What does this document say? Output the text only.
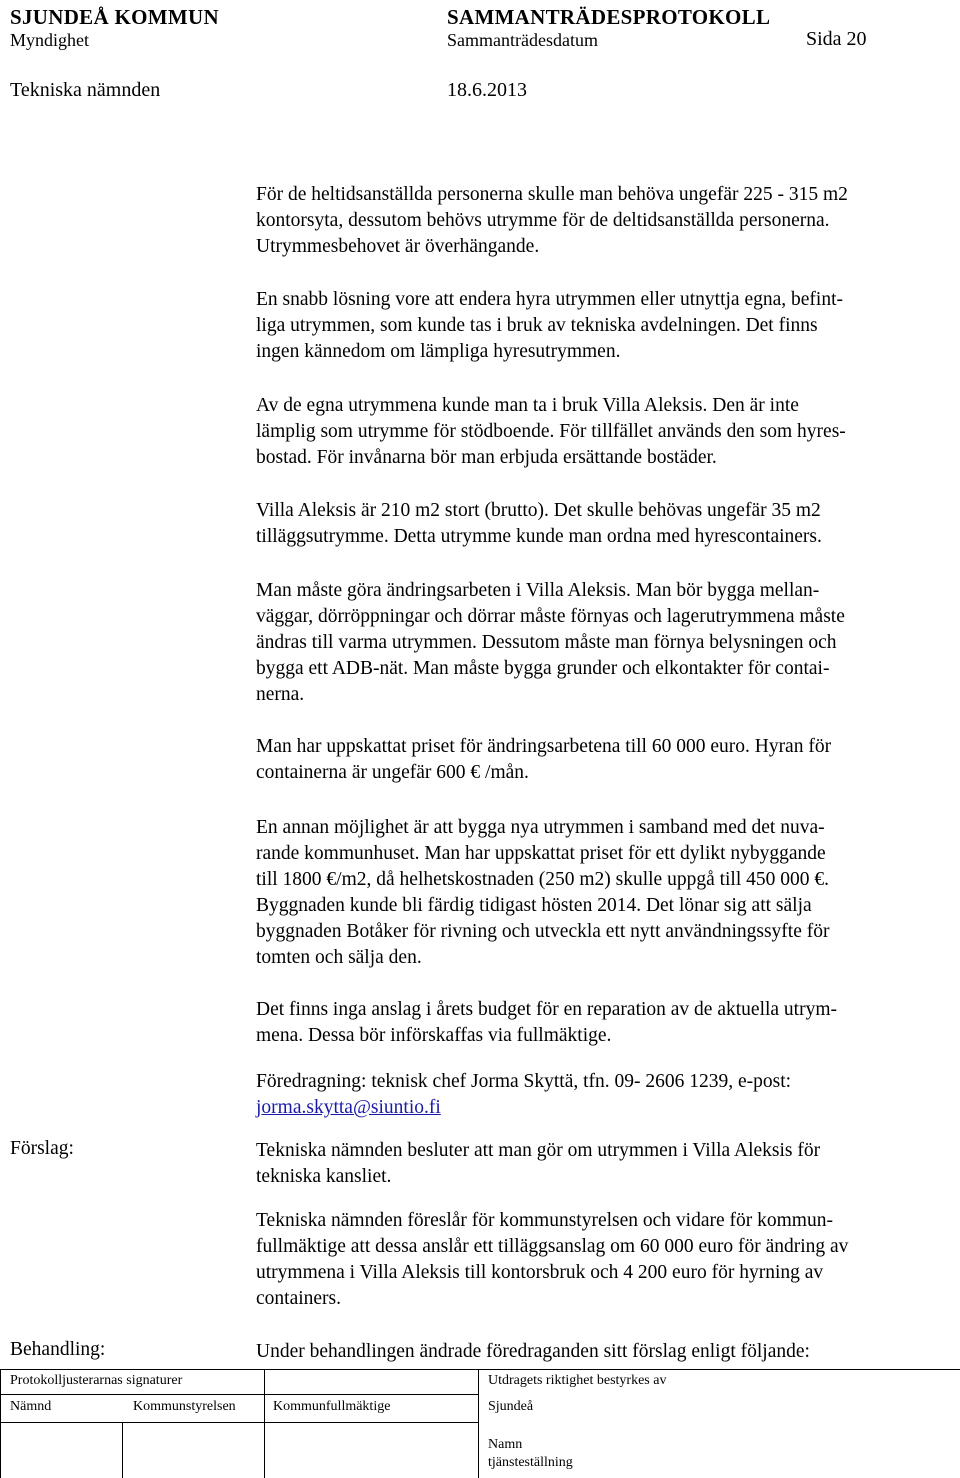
SJUNDEÅ KOMMUN	SAMMANTRÄDESPROTOKOLL
Myndighet	Sammanträdesdatum	Sida 20
Tekniska nämnden	18.6.2013
För de heltidsanställda personerna skulle man behöva ungefär 225 - 315 m2
kontorsyta, dessutom behövs utrymme för de deltidsanställda personerna.
Utrymmesbehovet är överhängande.
En snabb lösning vore att endera hyra utrymmen eller utnyttja egna, befint-
liga utrymmen, som kunde tas i bruk av tekniska avdelningen. Det finns
ingen kännedom om lämpliga hyresutrymmen.
Av de egna utrymmena kunde man ta i bruk Villa Aleksis. Den är inte
lämplig som utrymme för stödboende. För tillfället används den som hyres-
bostad. För invånarna bör man erbjuda ersättande bostäder.
Villa Aleksis är 210 m2 stort (brutto). Det skulle behövas ungefär 35 m2
tilläggsutrymme. Detta utrymme kunde man ordna med hyrescontainers.
Man måste göra ändringsarbeten i Villa Aleksis. Man bör bygga mellan-
väggar, dörröppningar och dörrar måste förnyas och lagerutrymmena måste
ändras till varma utrymmen. Dessutom måste man förnya belysningen och
bygga ett ADB-nät. Man måste bygga grunder och elkontakter för contai-
nerna.
Man har uppskattat priset för ändringsarbetena till 60 000 euro. Hyran för
containerna är ungefär 600 € /mån.
En annan möjlighet är att bygga nya utrymmen i samband med det nuva-
rande kommunhuset. Man har uppskattat priset för ett dylikt nybyggande
till 1800 €/m2, då helhetskostnaden (250 m2) skulle uppgå till 450 000 €.
Byggnaden kunde bli färdig tidigast hösten 2014. Det lönar sig att sälja
byggnaden Botåker för rivning och utveckla ett nytt användningssyfte för
tomten och sälja den.
Det finns inga anslag i årets budget för en reparation av de aktuella utrym-
mena. Dessa bör införskaffas via fullmäktige.
Föredragning: teknisk chef Jorma Skyttä, tfn. 09- 2606 1239, e-post:
jorma.skytta@siuntio.fi
Förslag:	Tekniska nämnden besluter att man gör om utrymmen i Villa Aleksis för
tekniska kansliet.
Tekniska nämnden föreslår för kommunstyrelsen och vidare för kommun-
fullmäktige att dessa anslår ett tilläggsanslag om 60 000 euro för ändring av
utrymmena i Villa Aleksis till kontorsbruk och 4 200 euro för hyrning av
containers.
Behandling:	Under behandlingen ändrade föredraganden sitt förslag enligt följande:
Protokolljusterarnas signaturer	Utdragets riktighet bestyrkes av
Nämnd	Kommunstyrelsen	Kommunfullmäktige	Sjundeå
Namn
tjänsteställning
